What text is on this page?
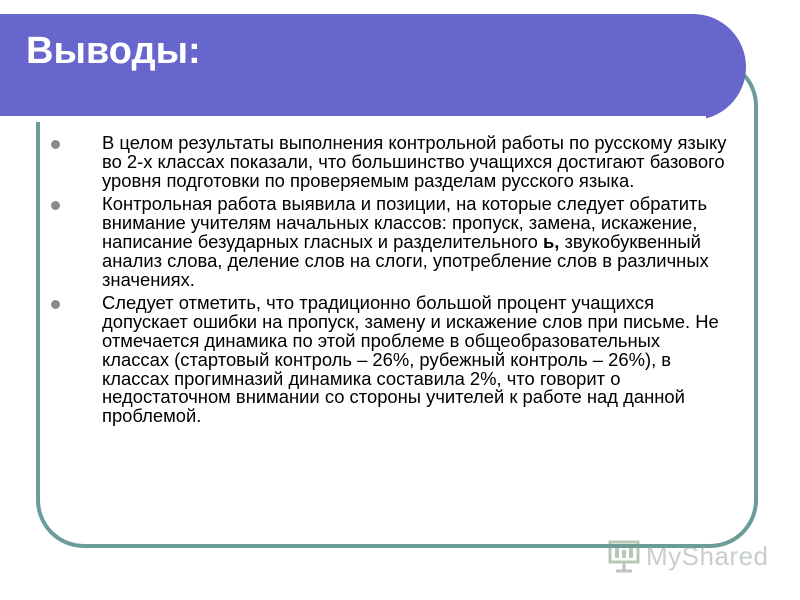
Выводы:
В целом результаты выполнения контрольной работы по русскому языку во 2-х классах показали, что большинство учащихся достигают базового уровня подготовки по проверяемым разделам русского языка.
Контрольная работа выявила и позиции, на которые следует обратить внимание учителям начальных классов: пропуск, замена, искажение, написание безударных гласных и разделительного ь, звукобуквенный анализ слова, деление слов на слоги, употребление слов в различных значениях.
Следует отметить, что традиционно большой процент учащихся допускает ошибки на пропуск, замену и искажение слов при письме. Не отмечается динамика по этой проблеме в общеобразовательных классах (стартовый контроль – 26%, рубежный контроль – 26%), в классах прогимназий динамика составила 2%, что говорит о недостаточном внимании со стороны учителей к работе над данной проблемой.
MyShared
